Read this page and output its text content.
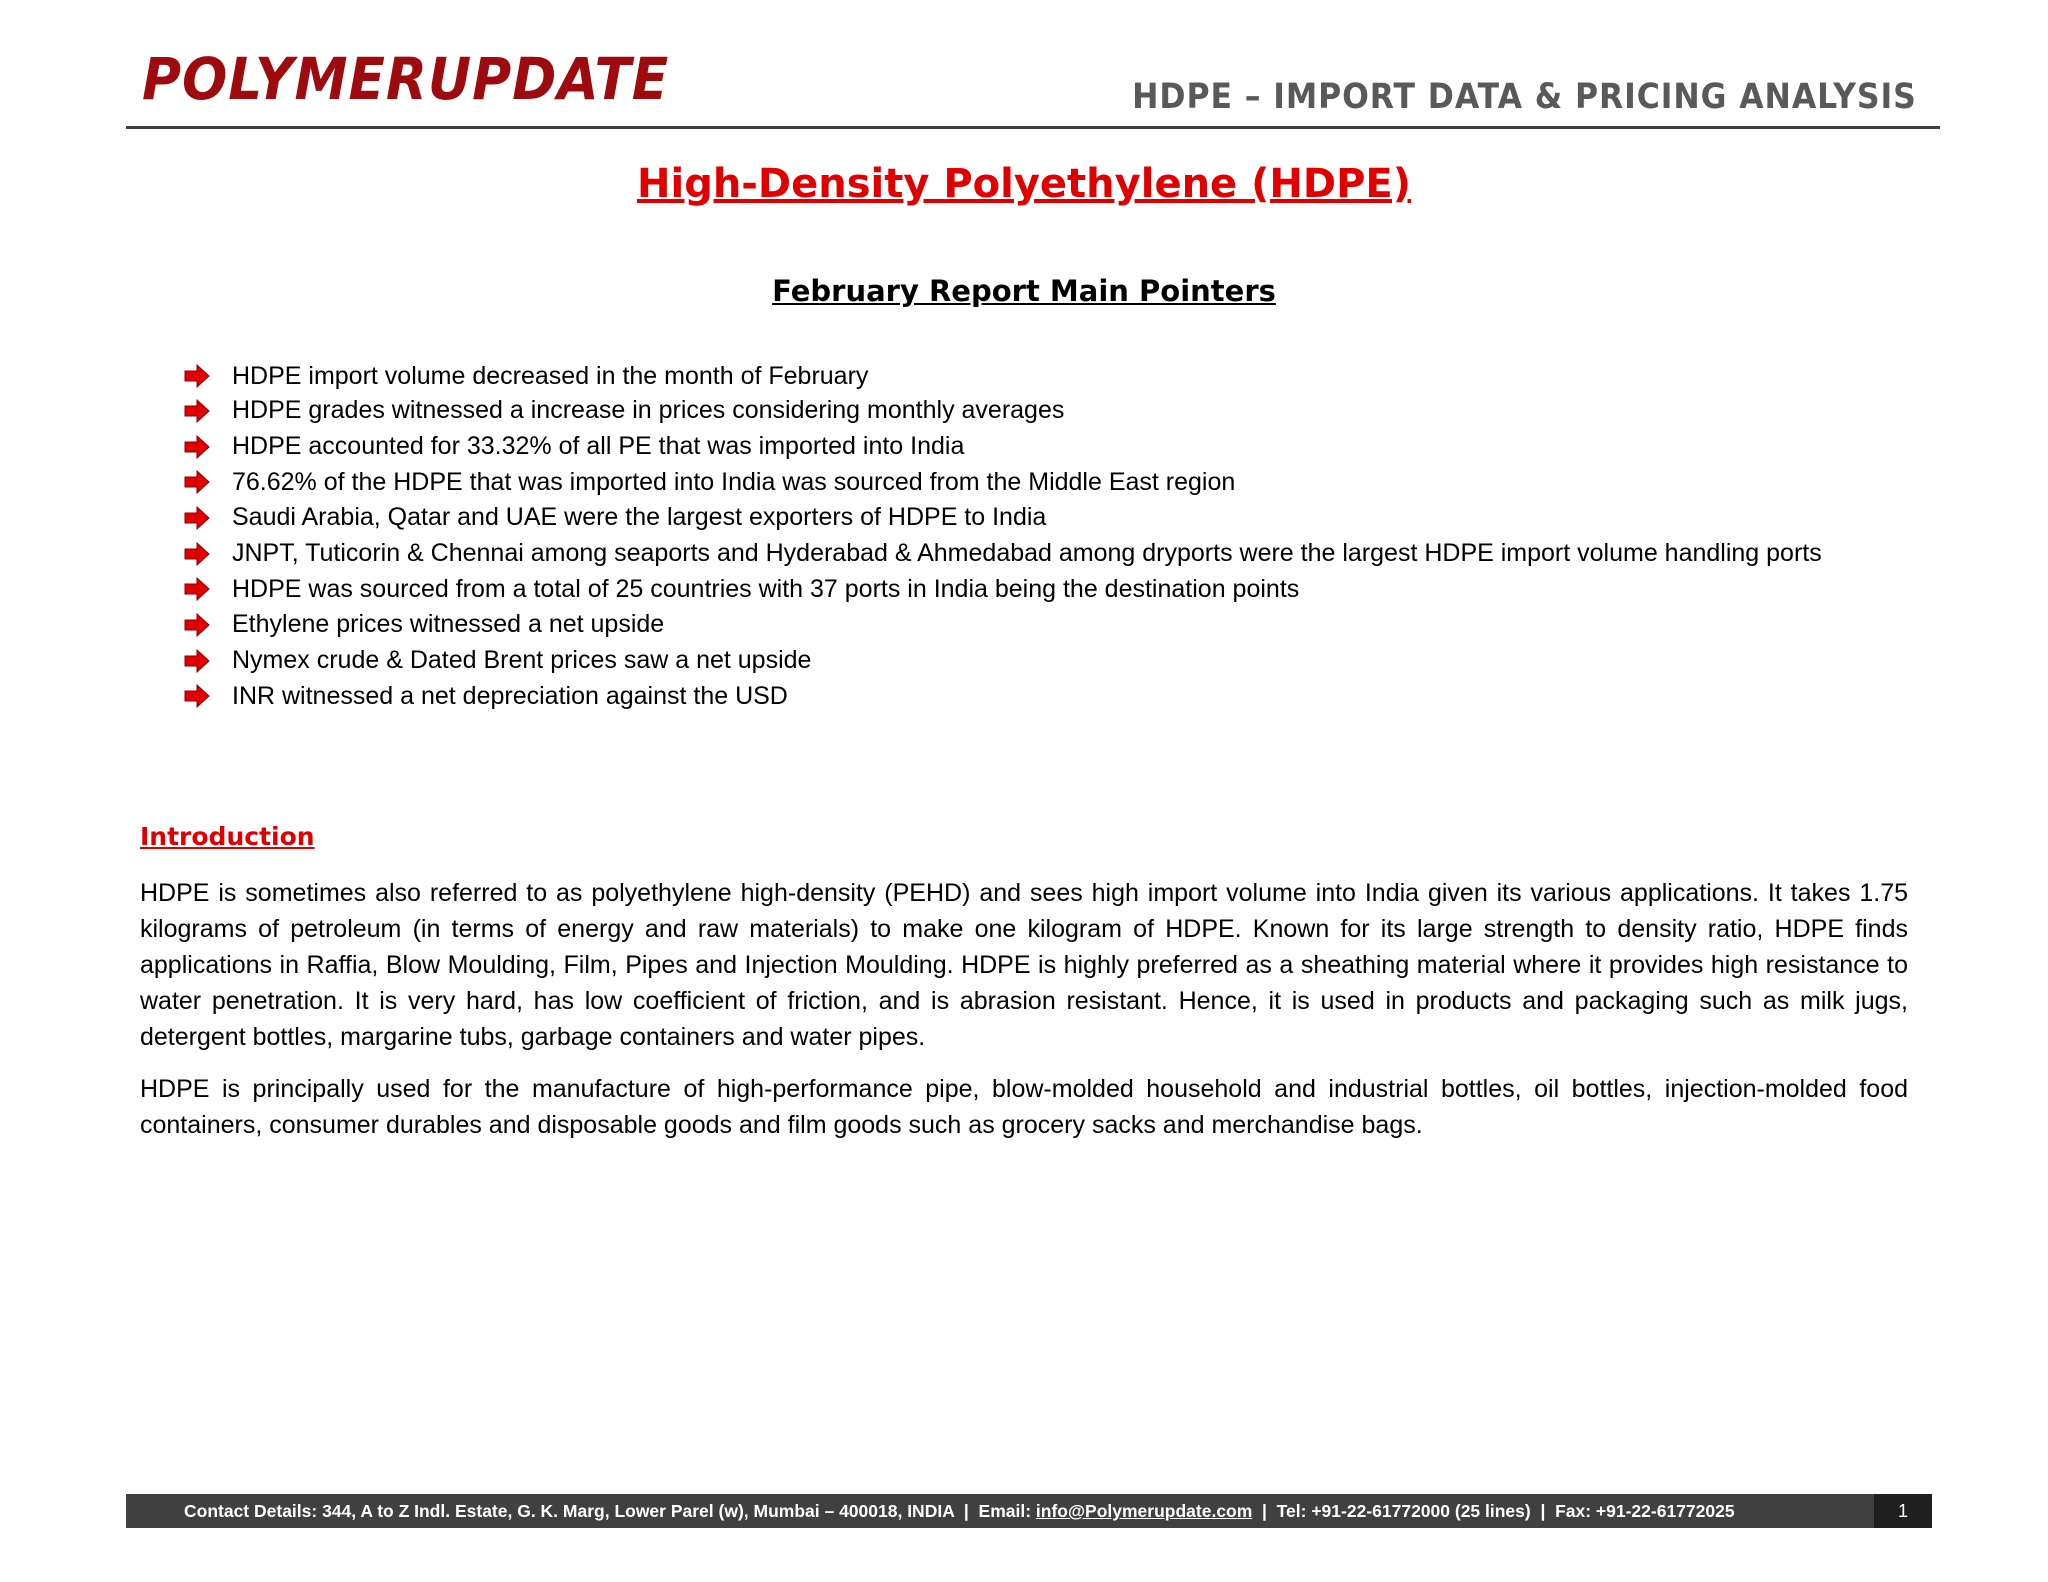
POLYMERUPDATE	HDPE – IMPORT DATA & PRICING ANALYSIS
High-Density Polyethylene (HDPE)
February Report Main Pointers
HDPE import volume decreased in the month of February
HDPE grades witnessed a increase in prices considering monthly averages
HDPE accounted for 33.32% of all PE that was imported into India
76.62% of the HDPE that was imported into India was sourced from the Middle East region
Saudi Arabia, Qatar and UAE were the largest exporters of HDPE to India
JNPT, Tuticorin & Chennai among seaports and Hyderabad & Ahmedabad among dryports were the largest HDPE import volume handling ports
HDPE was sourced from a total of 25 countries with 37 ports in India being the destination points
Ethylene prices witnessed a net upside
Nymex crude & Dated Brent prices saw a net upside
INR witnessed a net depreciation against the USD
Introduction

HDPE is sometimes also referred to as polyethylene high-density (PEHD) and sees high import volume into India given its various applications. It takes 1.75 kilograms of petroleum (in terms of energy and raw materials) to make one kilogram of HDPE. Known for its large strength to density ratio, HDPE finds applications in Raffia, Blow Moulding, Film, Pipes and Injection Moulding. HDPE is highly preferred as a sheathing material where it provides high resistance to water penetration. It is very hard, has low coefficient of friction, and is abrasion resistant. Hence, it is used in products and packaging such as milk jugs, detergent bottles, margarine tubs, garbage containers and water pipes.

HDPE is principally used for the manufacture of high-performance pipe, blow-molded household and industrial bottles, oil bottles, injection-molded food containers, consumer durables and disposable goods and film goods such as grocery sacks and merchandise bags.

Contact Details: 344, A to Z Indl. Estate, G. K. Marg, Lower Parel (w), Mumbai – 400018, INDIA  |  Email: info@Polymerupdate.com  |  Tel: +91-22-61772000 (25 lines)  |  Fax: +91-22-61772025	1
